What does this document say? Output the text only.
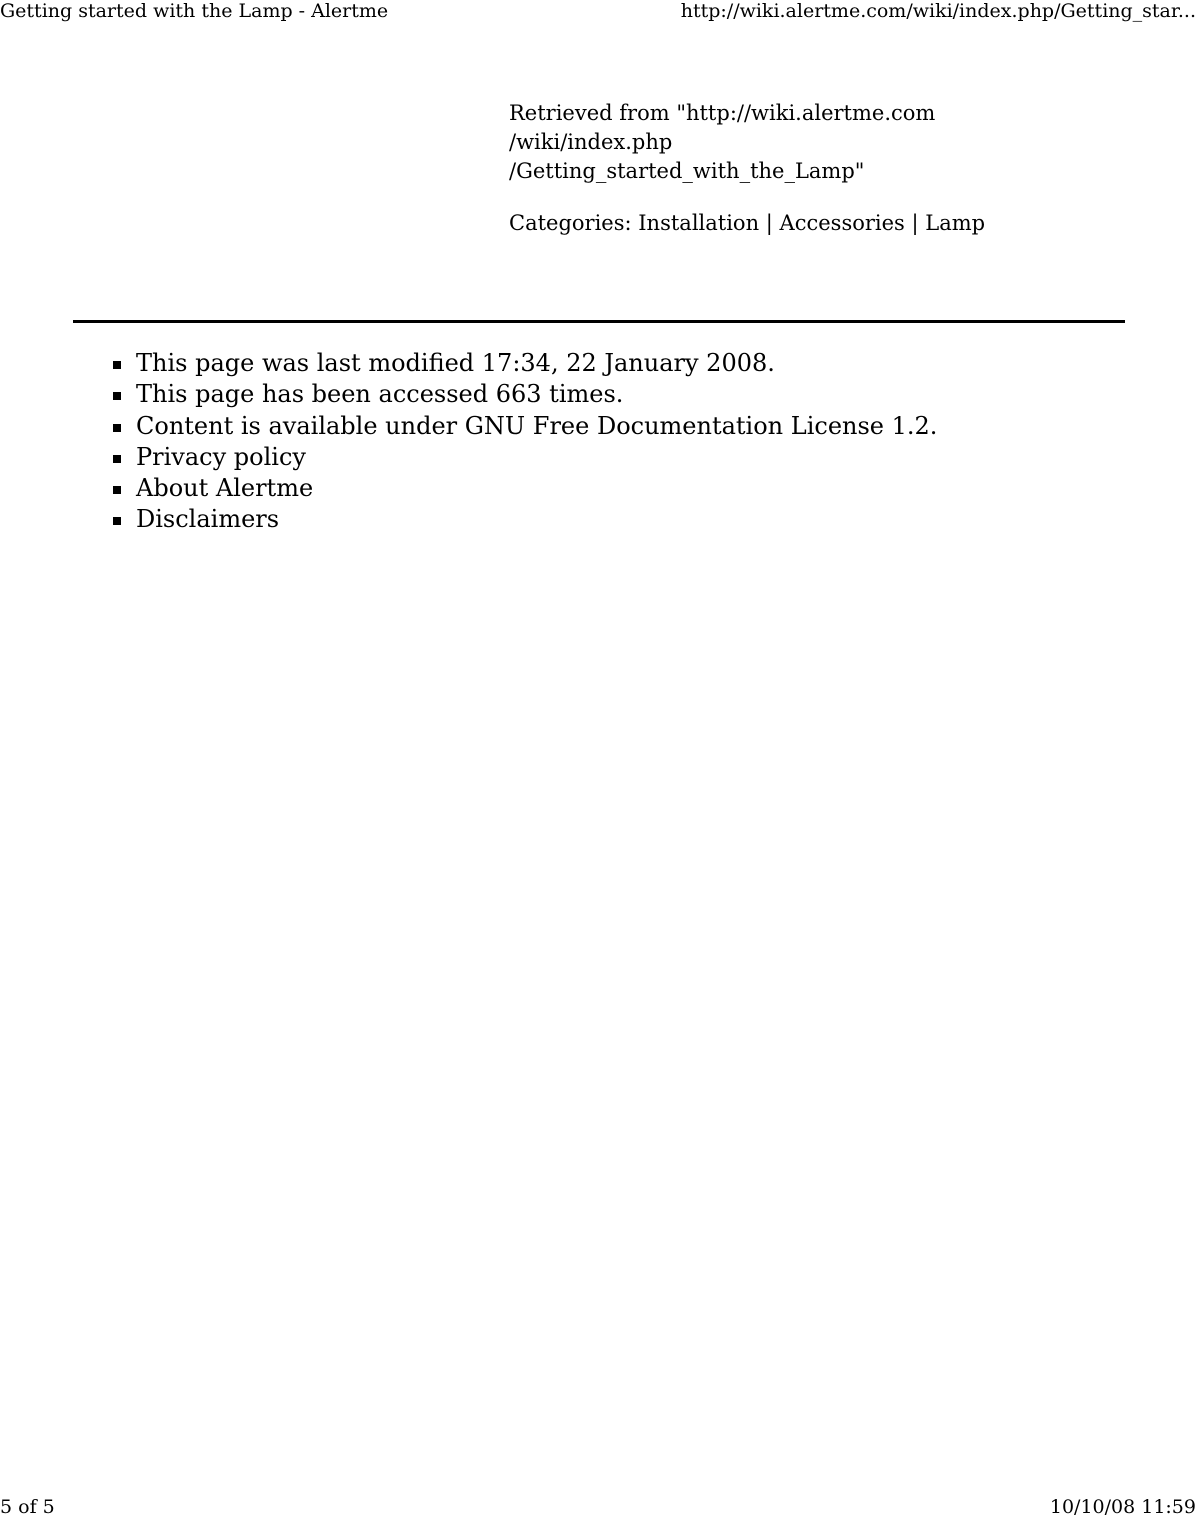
Getting started with the Lamp - Alertme	http://wiki.alertme.com/wiki/index.php/Getting_star...
Retrieved from "http://wiki.alertme.com
/wiki/index.php
/Getting_started_with_the_Lamp"
Categories: Installation | Accessories | Lamp
This page was last modified 17:34, 22 January 2008.
This page has been accessed 663 times.
Content is available under GNU Free Documentation License 1.2.
Privacy policy
About Alertme
Disclaimers
5 of 5	10/10/08 11:59
